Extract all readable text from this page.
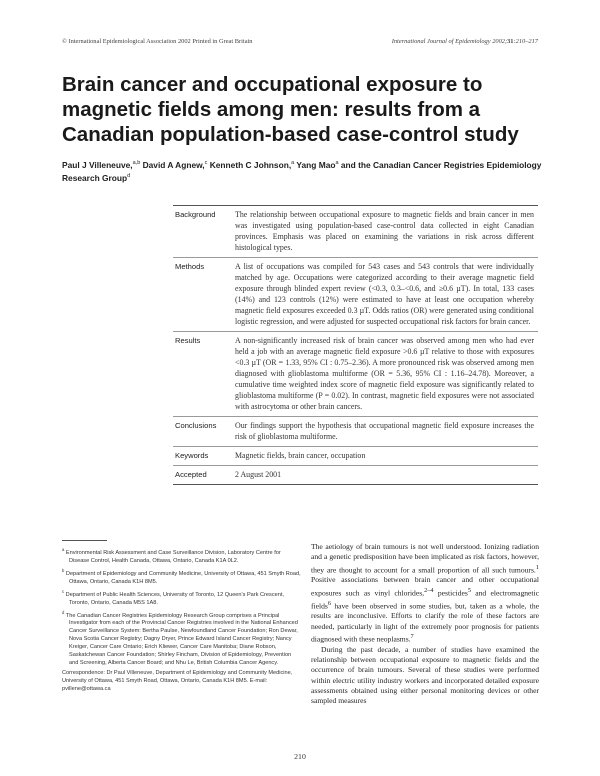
© International Epidemiological Association 2002 Printed in Great Britain	International Journal of Epidemiology 2002;31:210–217
Brain cancer and occupational exposure to
magnetic fields among men: results from a
Canadian population-based case-control study
Paul J Villeneuve,$^{a,b}$ David A Agnew,$^c$ Kenneth C Johnson,$^a$ Yang Mao$^a$ and the Canadian Cancer Registries Epidemiology Research Group$^d$
Background		The relationship between occupational exposure to magnetic fields and brain cancer in men was investigated using population-based case-control data collected in eight Canadian provinces. Emphasis was placed on examining the variations in risk across different histological types.
Methods		A list of occupations was compiled for 543 cases and 543 controls that were individually matched by age. Occupations were categorized according to their average magnetic field exposure through blinded expert review (<0.3, 0.3–<0.6, and ≥0.6 µT). In total, 133 cases (14%) and 123 controls (12%) were estimated to have at least one occupation whereby magnetic field exposures exceeded 0.3 µT. Odds ratios (OR) were generated using conditional logistic regression, and were adjusted for suspected occupational risk factors for brain cancer.
Results		A non-significantly increased risk of brain cancer was observed among men who had ever held a job with an average magnetic field exposure >0.6 µT relative to those with exposures <0.3 µT (OR = 1.33, 95% CI : 0.75–2.36). A more pronounced risk was observed among men diagnosed with glioblastoma multiforme (OR = 5.36, 95% CI : 1.16–24.78). Moreover, a cumulative time weighted index score of magnetic field exposure was significantly related to glioblastoma multiforme (P = 0.02). In contrast, magnetic field exposures were not associated with astrocytoma or other brain cancers.
Conclusions		Our findings support the hypothesis that occupational magnetic field exposure increases the risk of glioblastoma multiforme.
Keywords		Magnetic fields, brain cancer, occupation
Accepted		2 August 2001

$^a$ Environmental Risk Assessment and Case Surveillance Division, Laboratory Centre for Disease Control, Health Canada, Ottawa, Ontario, Canada K1A 0L2.

$^b$ Department of Epidemiology and Community Medicine, University of Ottawa, 451 Smyth Road, Ottawa, Ontario, Canada K1H 8M5.

$^c$ Department of Public Health Sciences, University of Toronto, 12 Queen's Park Crescent, Toronto, Ontario, Canada M5S 1A8.

$^d$ The Canadian Cancer Registries Epidemiology Research Group comprises a Principal Investigator from each of the Provincial Cancer Registries involved in the National Enhanced Cancer Surveillance System: Bertha Paulse, Newfoundland Cancer Foundation; Ron Dewar, Nova Scotia Cancer Registry; Dagny Dryer, Prince Edward Island Cancer Registry; Nancy Kreiger, Cancer Care Ontario; Erich Kliewer, Cancer Care Manitoba; Diane Robson, Saskatchewan Cancer Foundation; Shirley Fincham, Division of Epidemiology, Prevention and Screening, Alberta Cancer Board; and Nhu Le, British Columbia Cancer Agency.

Correspondence: Dr Paul Villeneuve, Department of Epidemiology and Community Medicine, University of Ottawa, 451 Smyth Road, Ottawa, Ontario, Canada K1H 8M5. E-mail: pvillene@ottawa.ca

The aetiology of brain tumours is not well understood. Ionizing radiation and a genetic predisposition have been implicated as risk factors, however, they are thought to account for a small proportion of all such tumours.$^1$ Positive associations between brain cancer and other occupational exposures such as vinyl chlorides,$^{2-4}$ pesticides$^5$ and electromagnetic fields$^6$ have been observed in some studies, but, taken as a whole, the results are inconclusive. Efforts to clarify the role of these factors are needed, particularly in light of the extremely poor prognosis for patients diagnosed with these neoplasms.$^7$

During the past decade, a number of studies have examined the relationship between occupational exposure to magnetic fields and the occurrence of brain tumours. Several of these studies were performed within electric utility industry workers and incorporated detailed exposure assessments obtained using either personal monitoring devices or other sampled measures

210
